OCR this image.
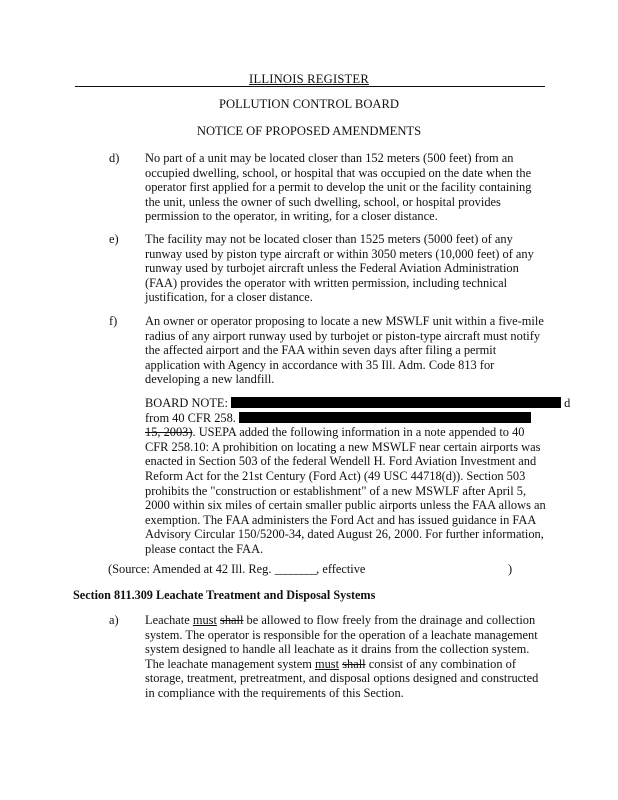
ILLINOIS REGISTER
POLLUTION CONTROL BOARD
NOTICE OF PROPOSED AMENDMENTS
d) No part of a unit may be located closer than 152 meters (500 feet) from an occupied dwelling, school, or hospital that was occupied on the date when the operator first applied for a permit to develop the unit or the facility containing the unit, unless the owner of such dwelling, school, or hospital provides permission to the operator, in writing, for a closer distance.

e) The facility may not be located closer than 1525 meters (5000 feet) of any runway used by piston type aircraft or within 3050 meters (10,000 feet) of any runway used by turbojet aircraft unless the Federal Aviation Administration (FAA) provides the operator with written permission, including technical justification, for a closer distance.

f) An owner or operator proposing to locate a new MSWLF unit within a five-mile radius of any airport runway used by turbojet or piston-type aircraft must notify the affected airport and the FAA within seven days after filing a permit application with Agency in accordance with 35 Ill. Adm. Code 813 for developing a new landfill.

BOARD NOTE:	d
from 40 CFR 258.

15, 2003). USEPA added the following information in a note appended to 40 CFR 258.10: A prohibition on locating a new MSWLF near certain airports was enacted in Section 503 of the federal Wendell H. Ford Aviation Investment and Reform Act for the 21st Century (Ford Act) (49 USC 44718(d)). Section 503 prohibits the "construction or establishment" of a new MSWLF after April 5, 2000 within six miles of certain smaller public airports unless the FAA allows an exemption. The FAA administers the Ford Act and has issued guidance in FAA Advisory Circular 150/5200-34, dated August 26, 2000. For further information, please contact the FAA.

(Source: Amended at 42 Ill. Reg. ________, effective	)
Section 811.309 Leachate Treatment and Disposal Systems
a) Leachate must shall be allowed to flow freely from the drainage and collection system. The operator is responsible for the operation of a leachate management system designed to handle all leachate as it drains from the collection system. The leachate management system must shall consist of any combination of storage, treatment, pretreatment, and disposal options designed and constructed in compliance with the requirements of this Section.
